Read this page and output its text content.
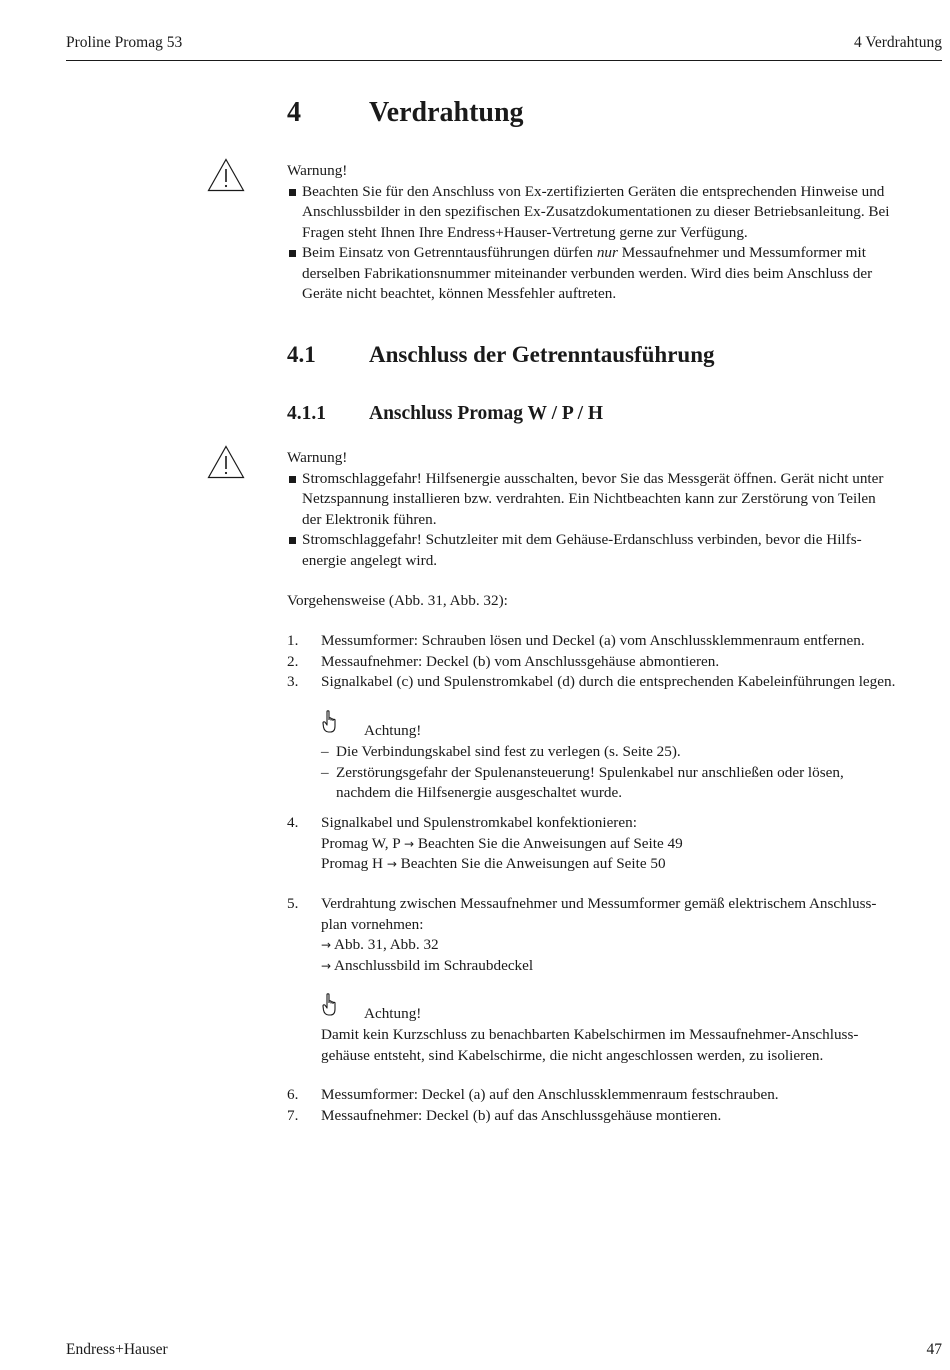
Proline Promag 53	4 Verdrahtung
4 Verdrahtung
Warnung!
Beachten Sie für den Anschluss von Ex-zertifizierten Geräten die entsprechenden Hinweise und
Anschlussbilder in den spezifischen Ex-Zusatzdokumentationen zu dieser Betriebsanleitung. Bei
Fragen steht Ihnen Ihre Endress+Hauser-Vertretung gerne zur Verfügung.
Beim Einsatz von Getrenntausführungen dürfen nur Messaufnehmer und Messumformer mit
derselben Fabrikationsnummer miteinander verbunden werden. Wird dies beim Anschluss der
Geräte nicht beachtet, können Messfehler auftreten.
4.1 Anschluss der Getrenntausführung
4.1.1 Anschluss Promag W / P / H
Warnung!
Stromschlaggefahr! Hilfsenergie ausschalten, bevor Sie das Messgerät öffnen. Gerät nicht unter
Netzspannung installieren bzw. verdrahten. Ein Nichtbeachten kann zur Zerstörung von Teilen
der Elektronik führen.
Stromschlaggefahr! Schutzleiter mit dem Gehäuse-Erdanschluss verbinden, bevor die Hilfs-
energie angelegt wird.
Vorgehensweise (Abb. 31, Abb. 32):
1. Messumformer: Schrauben lösen und Deckel (a) vom Anschlussklemmenraum entfernen.
2. Messaufnehmer: Deckel (b) vom Anschlussgehäuse abmontieren.
3. Signalkabel (c) und Spulenstromkabel (d) durch die entsprechenden Kabeleinführungen legen.
Achtung!
– Die Verbindungskabel sind fest zu verlegen (s. Seite 25).
– Zerstörungsgefahr der Spulenansteuerung! Spulenkabel nur anschließen oder lösen,
nachdem die Hilfsenergie ausgeschaltet wurde.
4. Signalkabel und Spulenstromkabel konfektionieren:
Promag W, P → Beachten Sie die Anweisungen auf Seite 49
Promag H → Beachten Sie die Anweisungen auf Seite 50
5. Verdrahtung zwischen Messaufnehmer und Messumformer gemäß elektrischem Anschluss-
plan vornehmen:
→ Abb. 31, Abb. 32
→ Anschlussbild im Schraubdeckel
Achtung!
Damit kein Kurzschluss zu benachbarten Kabelschirmen im Messaufnehmer-Anschluss-
gehäuse entsteht, sind Kabelschirme, die nicht angeschlossen werden, zu isolieren.
6. Messumformer: Deckel (a) auf den Anschlussklemmenraum festschrauben.
7. Messaufnehmer: Deckel (b) auf das Anschlussgehäuse montieren.
Endress+Hauser	47
